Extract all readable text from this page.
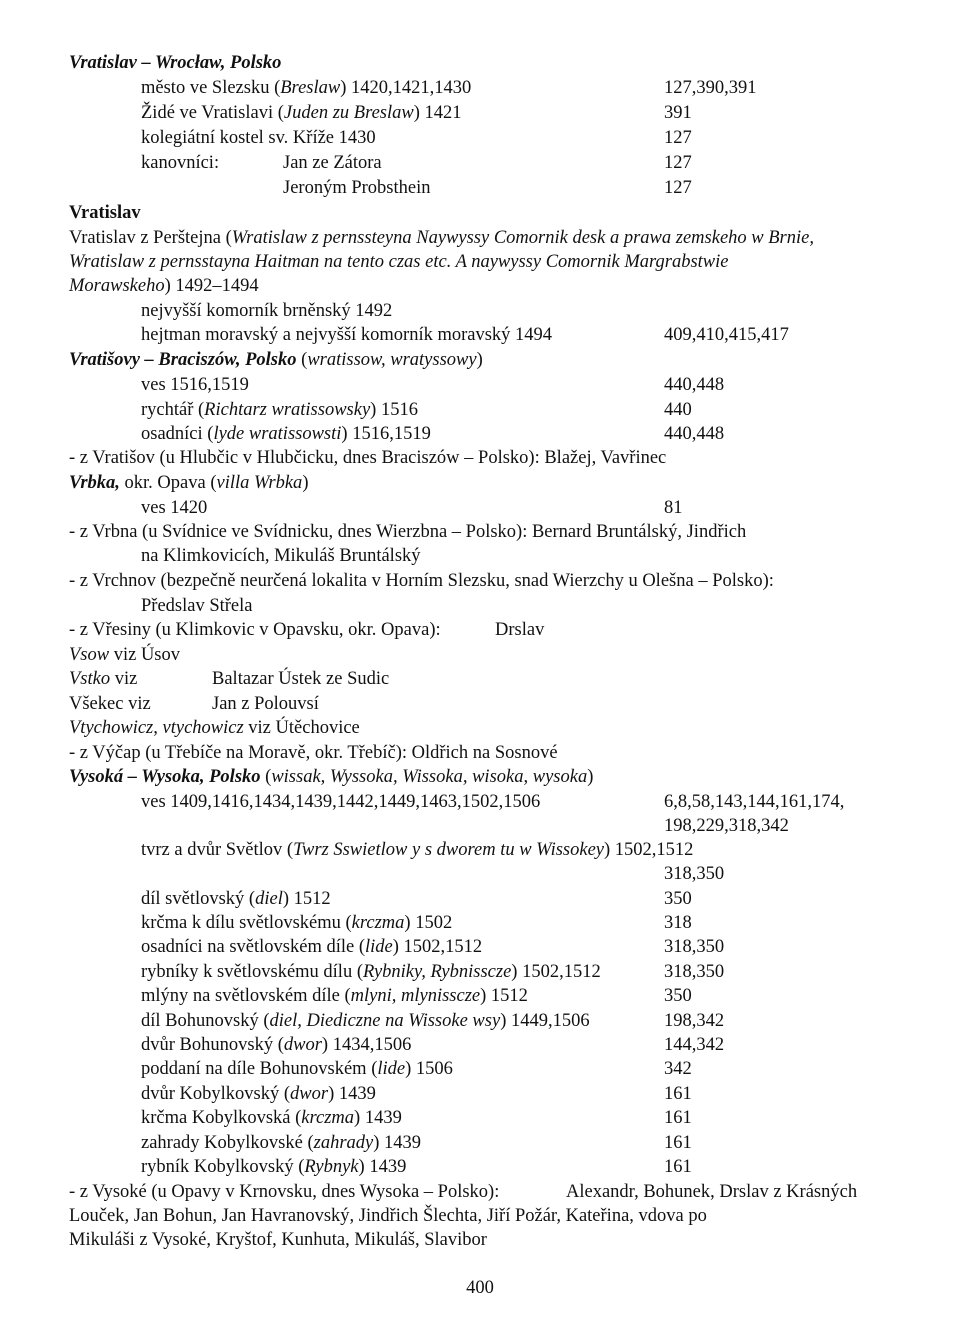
Vratislav – Wrocław, Polsko
město ve Slezsku (Breslaw) 1420,1421,1430	127,390,391
Židé ve Vratislavi (Juden zu Breslaw) 1421	391
kolegiátní kostel sv. Kříže 1430	127
kanovníci:	Jan ze Zátora	127
Jeroným Probsthein	127
Vratislav
Vratislav z Perštejna (Wratislaw z pernssteyna Naywyssy Comornik desk a prawa zemskeho w Brnie,
Wratislaw z pernsstayna Haitman na tento czas etc. A naywyssy Comornik Margrabstwie
Morawskeho) 1492–1494
nejvyšší komorník brněnský 1492
hejtman moravský a nejvyšší komorník moravský 1494	409,410,415,417
Vratišovy – Braciszów, Polsko (wratissow, wratyssowy)
ves 1516,1519	440,448
rychtář (Richtarz wratissowsky) 1516	440
osadníci (lyde wratissowsti) 1516,1519	440,448
- z Vratišov (u Hlubčic v Hlubčicku, dnes Braciszów – Polsko): Blažej, Vavřinec
Vrbka, okr. Opava (villa Wrbka)
ves 1420	81
- z Vrbna (u Svídnice ve Svídnicku, dnes Wierzbna – Polsko): Bernard Bruntálský, Jindřich
na Klimkovicích, Mikuláš Bruntálský
- z Vrchnov (bezpečně neurčená lokalita v Horním Slezsku, snad Wierzchy u Olešna – Polsko):
Předslav Střela
- z Vřesiny (u Klimkovic v Opavsku, okr. Opava):	Drslav
Vsow viz Úsov
Vstko viz	Baltazar Ústek ze Sudic
Všekec viz	Jan z Polouvsí
Vtychowicz, vtychowicz viz Útěchovice
- z Výčap (u Třebíče na Moravě, okr. Třebíč): Oldřich na Sosnové
Vysoká – Wysoka, Polsko (wissak, Wyssoka, Wissoka, wisoka, wysoka)
ves 1409,1416,1434,1439,1442,1449,1463,1502,1506	6,8,58,143,144,161,174,
198,229,318,342
tvrz a dvůr Světlov (Twrz Sswietlow y s dworem tu w Wissokey) 1502,1512
318,350
díl světlovský (diel) 1512	350
krčma k dílu světlovskému (krczma) 1502	318
osadníci na světlovském díle (lide) 1502,1512	318,350
rybníky k světlovskému dílu (Rybniky, Rybnisscze) 1502,1512	318,350
mlýny na světlovském díle (mlyni, mlynisscze) 1512	350
díl Bohunovský (diel, Diediczne na Wissoke wsy) 1449,1506	198,342
dvůr Bohunovský (dwor) 1434,1506	144,342
poddaní na díle Bohunovském (lide) 1506	342
dvůr Kobylkovský (dwor) 1439	161
krčma Kobylkovská (krczma) 1439	161
zahrady Kobylkovské (zahrady) 1439	161
rybník Kobylkovský (Rybnyk) 1439	161
- z Vysoké (u Opavy v Krnovsku, dnes Wysoka – Polsko):	Alexandr, Bohunek, Drslav z Krásných
Louček, Jan Bohun, Jan Havranovský, Jindřich Šlechta, Jiří Požár, Kateřina, vdova po
Mikuláši z Vysoké, Kryštof, Kunhuta, Mikuláš, Slavibor
400
